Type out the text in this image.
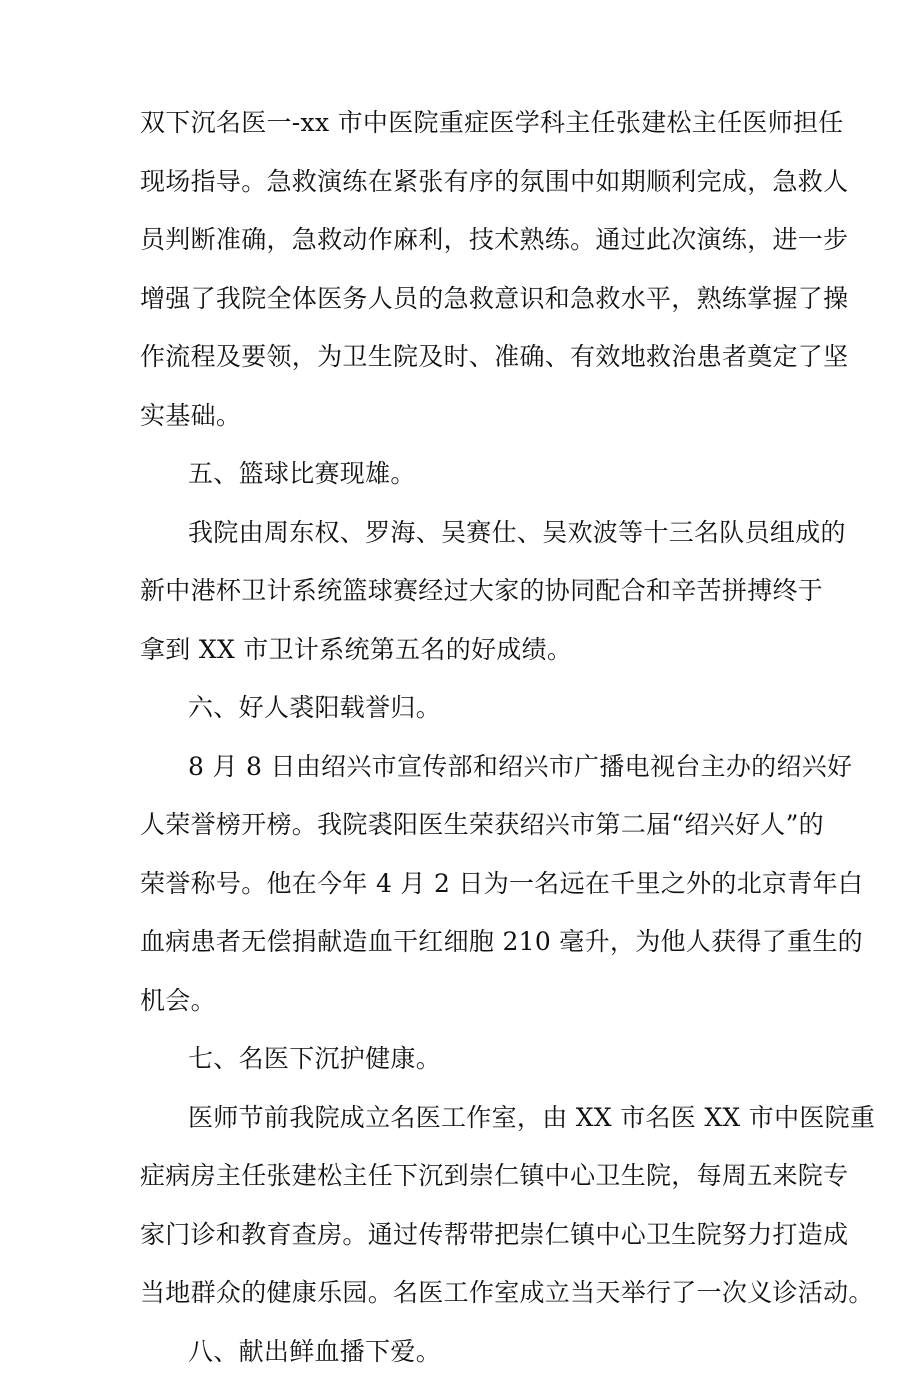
双下沉名医一-xx 市中医院重症医学科主任张建松主任医师担任
现场指导。急救演练在紧张有序的氛围中如期顺利完成，急救人
员判断准确，急救动作麻利，技术熟练。通过此次演练，进一步
增强了我院全体医务人员的急救意识和急救水平，熟练掌握了操
作流程及要领，为卫生院及时、准确、有效地救治患者奠定了坚
实基础。
五、篮球比赛现雄。
我院由周东权、罗海、吴赛仕、吴欢波等十三名队员组成的
新中港杯卫计系统篮球赛经过大家的协同配合和辛苦拼搏终于
拿到 XX 市卫计系统第五名的好成绩。
六、好人裘阳载誉归。
8 月 8 日由绍兴市宣传部和绍兴市广播电视台主办的绍兴好
人荣誉榜开榜。我院裘阳医生荣获绍兴市第二届“绍兴好人”的
荣誉称号。他在今年 4 月 2 日为一名远在千里之外的北京青年白
血病患者无偿捐献造血干红细胞 210 毫升，为他人获得了重生的
机会。
七、名医下沉护健康。
医师节前我院成立名医工作室，由 XX 市名医 XX 市中医院重
症病房主任张建松主任下沉到崇仁镇中心卫生院，每周五来院专
家门诊和教育查房。通过传帮带把崇仁镇中心卫生院努力打造成
当地群众的健康乐园。名医工作室成立当天举行了一次义诊活动。
八、献出鲜血播下爱。
